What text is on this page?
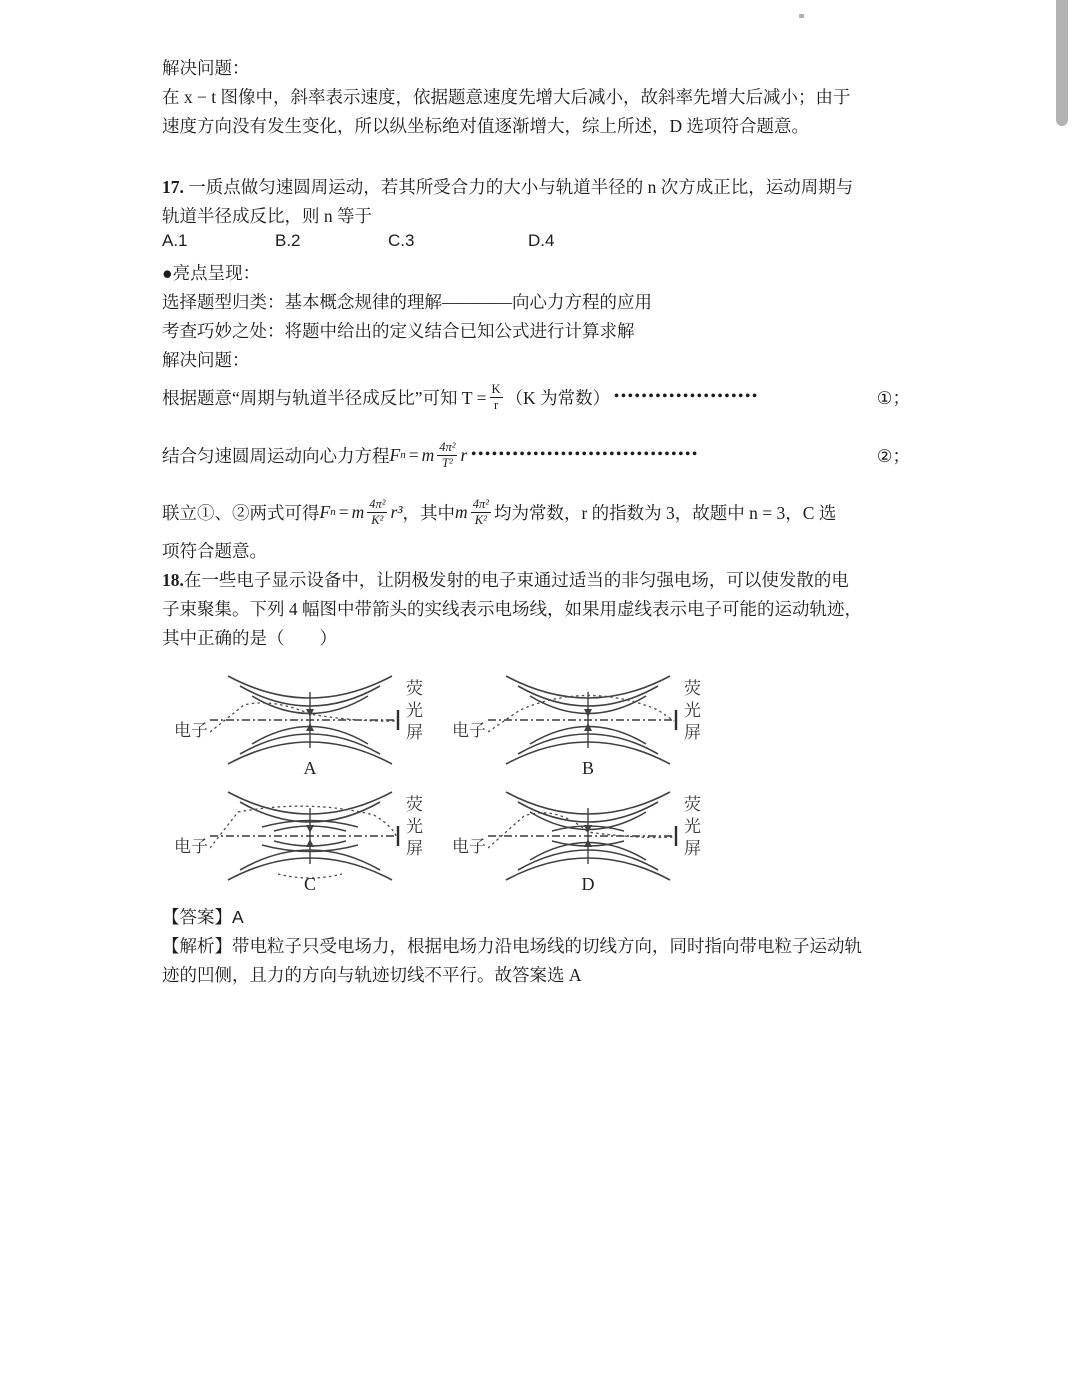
解决问题：
在 x − t 图像中，斜率表示速度，依据题意速度先增大后减小，故斜率先增大后减小；由于
速度方向没有发生变化，所以纵坐标绝对值逐渐增大，综上所述，D 选项符合题意。
17. 一质点做匀速圆周运动，若其所受合力的大小与轨道半径的 n 次方成正比，运动周期与
轨道半径成反比，则 n 等于
A.1	B.2	C.3	D.4
●亮点呈现：
选择题型归类：基本概念规律的理解————向心力方程的应用
考查巧妙之处：将题中给出的定义结合已知公式进行计算求解
解决问题：
根据题意“周期与轨道半径成反比”可知 $T = \frac{K}{r} (K$ 为常数） •••••••••••••••••••••	①；
结合匀速圆周运动向心力方程 F n = m $\frac{\text{4π²}}{\text{T²}}$ r •••••••••••••••••••••••••••••••••	②；
联立①、②两式可得 F n = m $\frac{\text{4π²}}{\text{K²}} r^3$ ，其中 m $\frac{\text{4π²}}{\text{K²}}$ 均为常数，r 的指数为 3，故题中 n = 3，C 选
项符合题意。
18.在一些电子显示设备中，让阴极发射的电子束通过适当的非匀强电场，可以使发散的电
子束聚集。下列 4 幅图中带箭头的实线表示电场线，如果用虚线表示电子可能的运动轨迹，
其中正确的是（　　）
电子
荧光屏
A
电子
荧光屏
B
电子
荧光屏
C
电子
荧光屏
D
【答案】A
【解析】带电粒子只受电场力，根据电场力沿电场线的切线方向，同时指向带电粒子运动轨
迹的凹侧，且力的方向与轨迹切线不平行。故答案选 A
